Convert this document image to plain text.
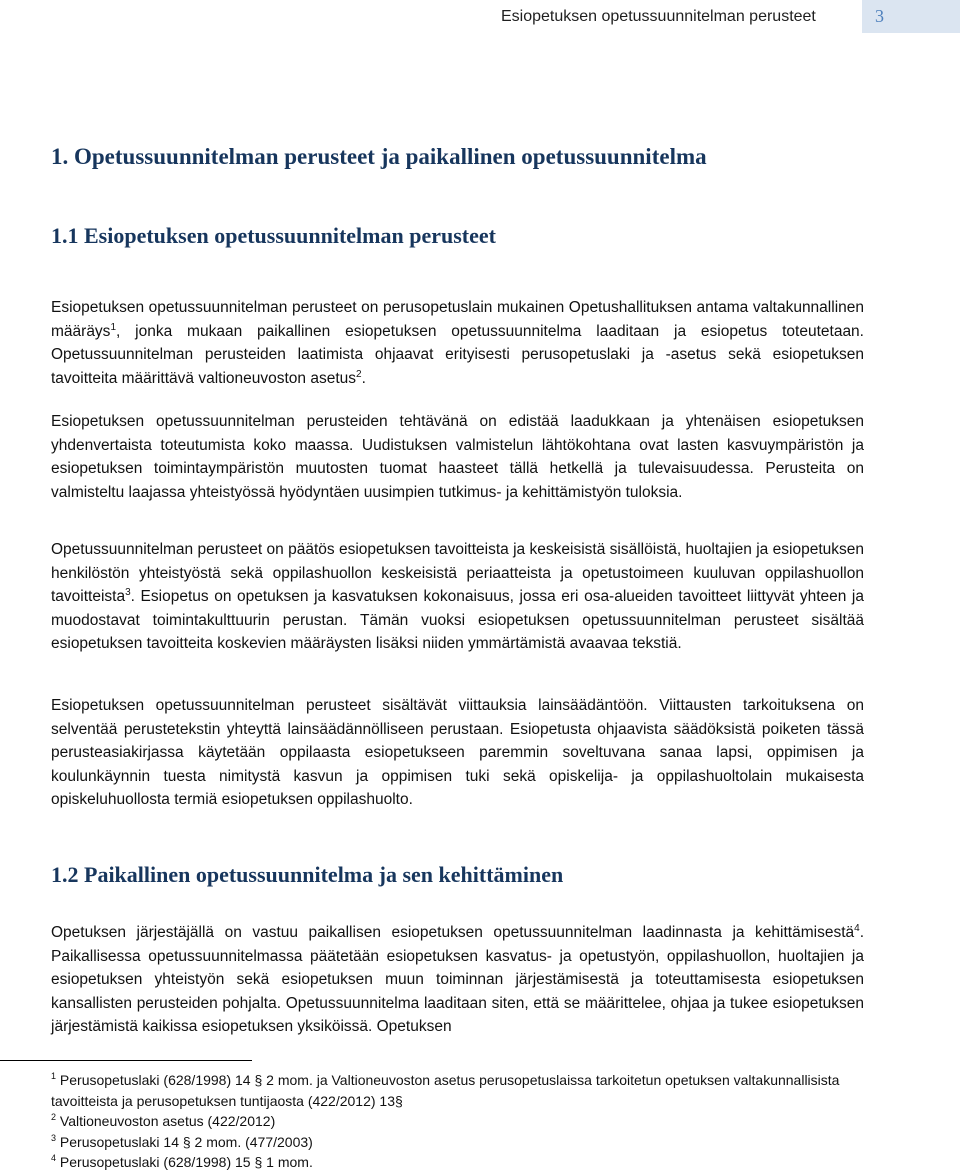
Esiopetuksen opetussuunnitelman perusteet	3
1. Opetussuunnitelman perusteet ja paikallinen opetussuunnitelma
1.1 Esiopetuksen opetussuunnitelman perusteet

Esiopetuksen opetussuunnitelman perusteet on perusopetuslain mukainen Opetushallituksen antama valtakunnallinen määräys$^1$, jonka mukaan paikallinen esiopetuksen opetussuunnitelma laaditaan ja esiopetus toteutetaan. Opetussuunnitelman perusteiden laatimista ohjaavat erityisesti perusopetuslaki ja -asetus sekä esiopetuksen tavoitteita määrittävä valtioneuvoston asetus$^2$.

Esiopetuksen opetussuunnitelman perusteiden tehtävänä on edistää laadukkaan ja yhtenäisen esiopetuksen yhdenvertaista toteutumista koko maassa. Uudistuksen valmistelun lähtökohtana ovat lasten kasvuympäristön ja esiopetuksen toimintaympäristön muutosten tuomat haasteet tällä hetkellä ja tulevaisuudessa. Perusteita on valmisteltu laajassa yhteistyössä hyödyntäen uusimpien tutkimus- ja kehittämistyön tuloksia.

Opetussuunnitelman perusteet on päätös esiopetuksen tavoitteista ja keskeisistä sisällöistä, huoltajien ja esiopetuksen henkilöstön yhteistyöstä sekä oppilashuollon keskeisistä periaatteista ja opetustoimeen kuuluvan oppilashuollon tavoitteista$^3$. Esiopetus on opetuksen ja kasvatuksen kokonaisuus, jossa eri osa-alueiden tavoitteet liittyvät yhteen ja muodostavat toimintakulttuurin perustan. Tämän vuoksi esiopetuksen opetussuunnitelman perusteet sisältää esiopetuksen tavoitteita koskevien määräysten lisäksi niiden ymmärtämistä avaavaa tekstiä.

Esiopetuksen opetussuunnitelman perusteet sisältävät viittauksia lainsäädäntöön. Viittausten tarkoituksena on selventää perustetekstin yhteyttä lainsäädännölliseen perustaan. Esiopetusta ohjaavista säädöksistä poiketen tässä perusteasiakirjassa käytetään oppilaasta esiopetukseen paremmin soveltuvana sanaa lapsi, oppimisen ja koulunkäynnin tuesta nimitystä kasvun ja oppimisen tuki sekä opiskelija- ja oppilashuoltolain mukaisesta opiskeluhuollosta termiä esiopetuksen oppilashuolto.

1.2 Paikallinen opetussuunnitelma ja sen kehittäminen

Opetuksen järjestäjällä on vastuu paikallisen esiopetuksen opetussuunnitelman laadinnasta ja kehittämisestä$^4$. Paikallisessa opetussuunnitelmassa päätetään esiopetuksen kasvatus- ja opetustyön, oppilashuollon, huoltajien ja esiopetuksen yhteistyön sekä esiopetuksen muun toiminnan järjestämisestä ja toteuttamisesta esiopetuksen kansallisten perusteiden pohjalta. Opetussuunnitelma laaditaan siten, että se määrittelee, ohjaa ja tukee esiopetuksen järjestämistä kaikissa esiopetuksen yksiköissä. Opetuksen

$^1$ Perusopetuslaki (628/1998) 14 § 2 mom. ja Valtioneuvoston asetus perusopetuslaissa tarkoitetun opetuksen valtakunnallisista tavoitteista ja perusopetuksen tuntijaosta (422/2012) 13§

$^2$ Valtioneuvoston asetus (422/2012)

$^3$ Perusopetuslaki 14 § 2 mom. (477/2003)

$^4$ Perusopetuslaki (628/1998) 15 § 1 mom.
